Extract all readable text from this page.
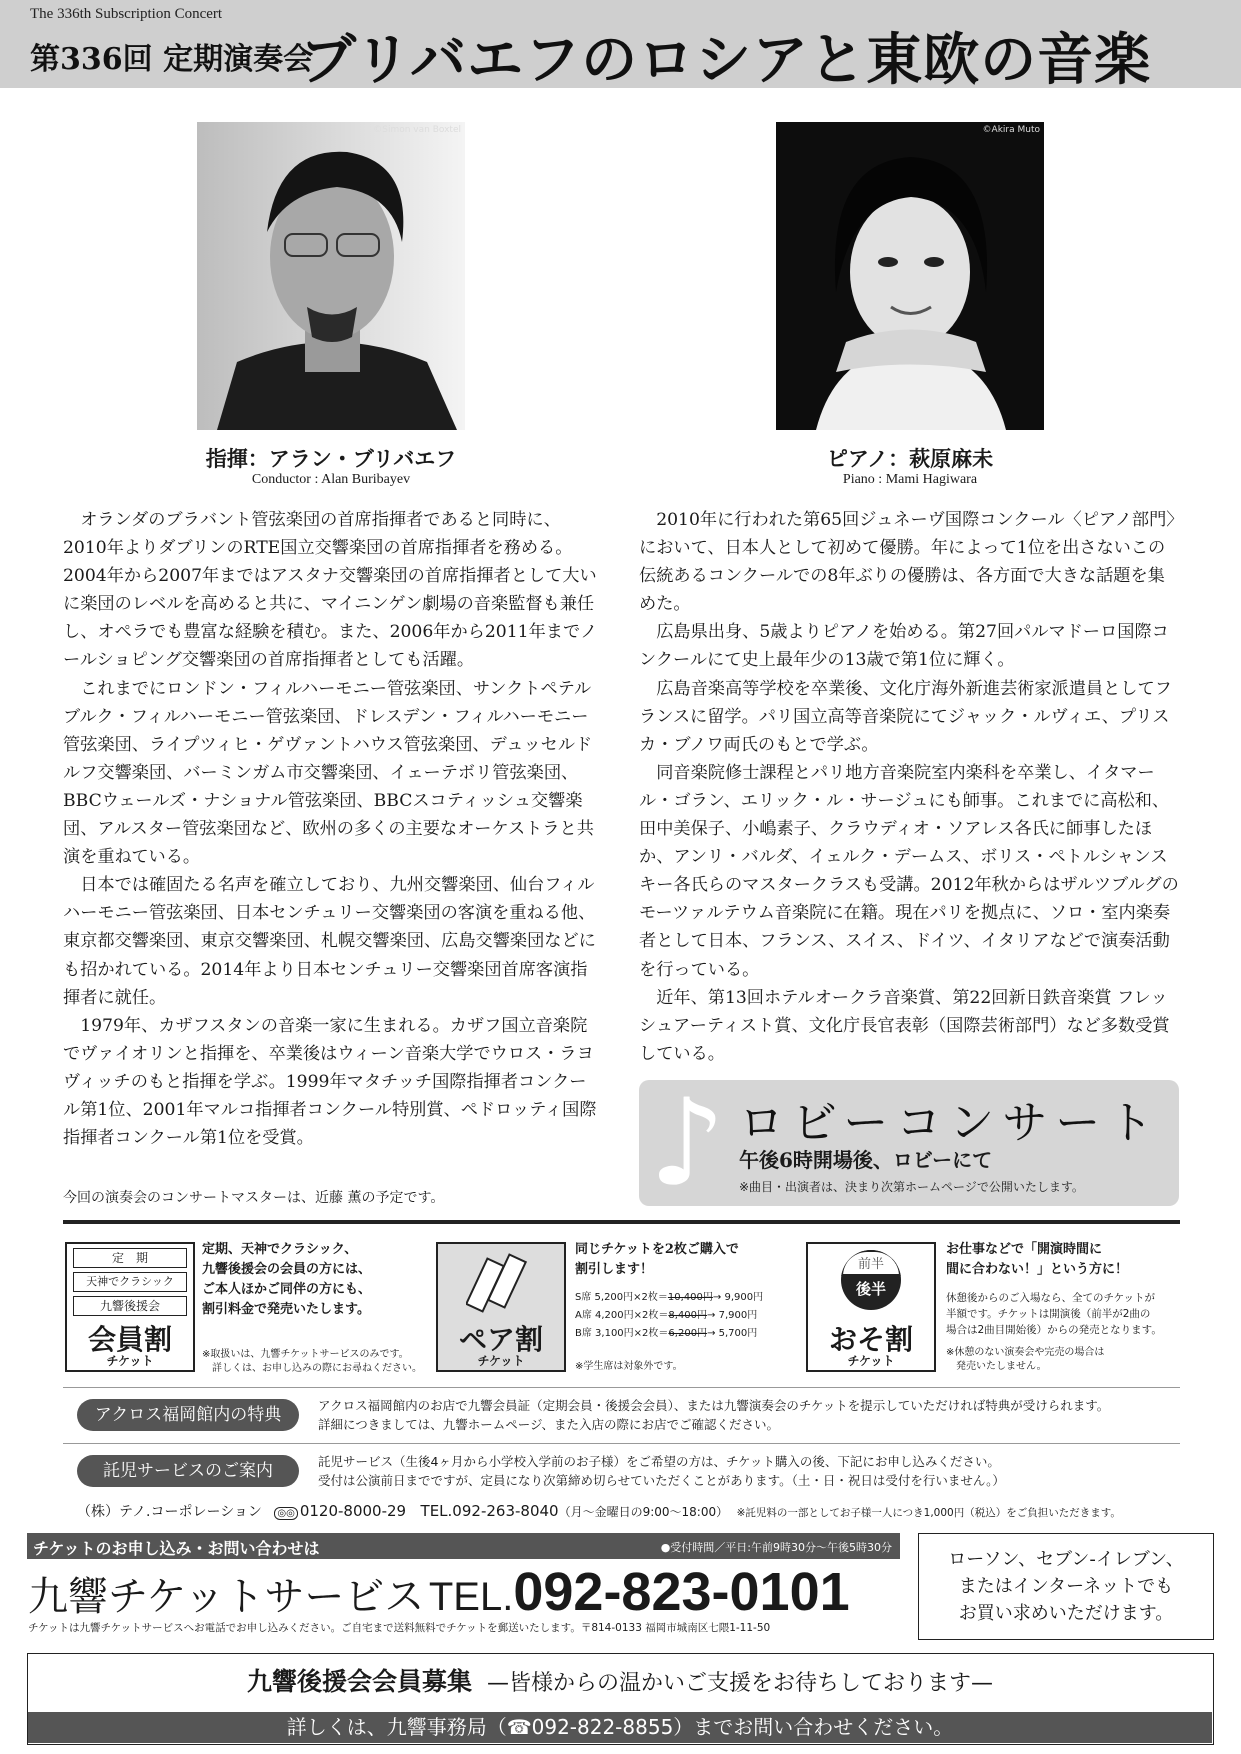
The 336th Subscription Concert
第336回 定期演奏会
ブリバエフのロシアと東欧の音楽
©Simon van Boxtel	©Akira Muto
指揮：アラン・ブリバエフ
Conductor : Alan Buribayev
ピアノ：萩原麻未
Piano : Mami Hagiwara

オランダのブラバント管弦楽団の首席指揮者であると同時に、2010年よりダブリンのRTE国立交響楽団の首席指揮者を務める。2004年から2007年まではアスタナ交響楽団の首席指揮者として大いに楽団のレベルを高めると共に、マイニンゲン劇場の音楽監督も兼任し、オペラでも豊富な経験を積む。また、2006年から2011年までノールショピング交響楽団の首席指揮者としても活躍。

これまでにロンドン・フィルハーモニー管弦楽団、サンクトペテルブルク・フィルハーモニー管弦楽団、ドレスデン・フィルハーモニー管弦楽団、ライプツィヒ・ゲヴァントハウス管弦楽団、デュッセルドルフ交響楽団、バーミンガム市交響楽団、イェーテボリ管弦楽団、BBCウェールズ・ナショナル管弦楽団、BBCスコティッシュ交響楽団、アルスター管弦楽団など、欧州の多くの主要なオーケストラと共演を重ねている。

日本では確固たる名声を確立しており、九州交響楽団、仙台フィルハーモニー管弦楽団、日本センチュリー交響楽団の客演を重ねる他、東京都交響楽団、東京交響楽団、札幌交響楽団、広島交響楽団などにも招かれている。2014年より日本センチュリー交響楽団首席客演指揮者に就任。

1979年、カザフスタンの音楽一家に生まれる。カザフ国立音楽院でヴァイオリンと指揮を、卒業後はウィーン音楽大学でウロス・ラヨヴィッチのもと指揮を学ぶ。1999年マタチッチ国際指揮者コンクール第1位、2001年マルコ指揮者コンクール特別賞、ペドロッティ国際指揮者コンクール第1位を受賞。

2010年に行われた第65回ジュネーヴ国際コンクール〈ピアノ部門〉において、日本人として初めて優勝。年によって1位を出さないこの伝統あるコンクールでの8年ぶりの優勝は、各方面で大きな話題を集めた。

広島県出身、5歳よりピアノを始める。第27回パルマドーロ国際コンクールにて史上最年少の13歳で第1位に輝く。

広島音楽高等学校を卒業後、文化庁海外新進芸術家派遣員としてフランスに留学。パリ国立高等音楽院にてジャック・ルヴィエ、プリスカ・ブノワ両氏のもとで学ぶ。

同音楽院修士課程とパリ地方音楽院室内楽科を卒業し、イタマール・ゴラン、エリック・ル・サージュにも師事。これまでに高松和、田中美保子、小嶋素子、クラウディオ・ソアレス各氏に師事したほか、アンリ・バルダ、イェルク・デームス、ボリス・ペトルシャンスキー各氏らのマスタークラスも受講。2012年秋からはザルツブルグのモーツァルテウム音楽院に在籍。現在パリを拠点に、ソロ・室内楽奏者として日本、フランス、スイス、ドイツ、イタリアなどで演奏活動を行っている。

近年、第13回ホテルオークラ音楽賞、第22回新日鉄音楽賞 フレッシュアーティスト賞、文化庁長官表彰（国際芸術部門）など多数受賞している。

今回の演奏会のコンサートマスターは、近藤 薫の予定です。 ♪ ロビーコンサート
午後6時開場後、ロビーにて
※曲目・出演者は、決まり次第ホームページで公開いたします。
定　期
天神でクラシック
九響後援会
会員割
チケット
定期、天神でクラシック、
九響後援会の会員の方には、
ご本人ほかご同伴の方にも、
割引料金で発売いたします。
※取扱いは、九響チケットサービスのみです。
　詳しくは、お申し込みの際にお尋ねください。
ペア割
チケット
同じチケットを2枚ご購入で
割引します！
S席 5,200円×2枚＝10,400円→ 9,900円
A席 4,200円×2枚＝8,400円→ 7,900円
B席 3,100円×2枚＝6,200円→ 5,700円
※学生席は対象外です。
前半
後半
おそ割
チケット
お仕事などで「開演時間に
間に合わない！」という方に！
休憩後からのご入場なら、全てのチケットが
半額です。チケットは開演後（前半が2曲の
場合は2曲目開始後）からの発売となります。
※休憩のない演奏会や完売の場合は
　発売いたしません。
アクロス福岡館内の特典	アクロス福岡館内のお店で九響会員証（定期会員・後援会会員）、または九響演奏会のチケットを提示していただければ特典が受けられます。
詳細につきましては、九響ホームページ、また入店の際にお店でご確認ください。
託児サービスのご案内	託児サービス（生後4ヶ月から小学校入学前のお子様）をご希望の方は、チケット購入の後、下記にお申し込みください。
受付は公演前日までですが、定員になり次第締め切らせていただくことがあります。（土・日・祝日は受付を行いません。）
（株）テノ.コーポレーション ◎◎ 0120-8000-29 TEL.092-263-8040（月～金曜日の9:00～18:00） ※託児料の一部としてお子様一人につき1,000円（税込）をご負担いただきます。
チケットのお申し込み・お問い合わせは	●受付時間／平日:午前9時30分～午後5時30分
九響チケットサービス TEL.092-823-0101
チケットは九響チケットサービスへお電話でお申し込みください。ご自宅まで送料無料でチケットを郵送いたします。〒814-0133 福岡市城南区七隈1-11-50
ローソン、セブン-イレブン、
またはインターネットでも
お買い求めいただけます。
九響後援会会員募集 —皆様からの温かいご支援をお待ちしております—
詳しくは、九響事務局（☎092-822-8855）までお問い合わせください。
